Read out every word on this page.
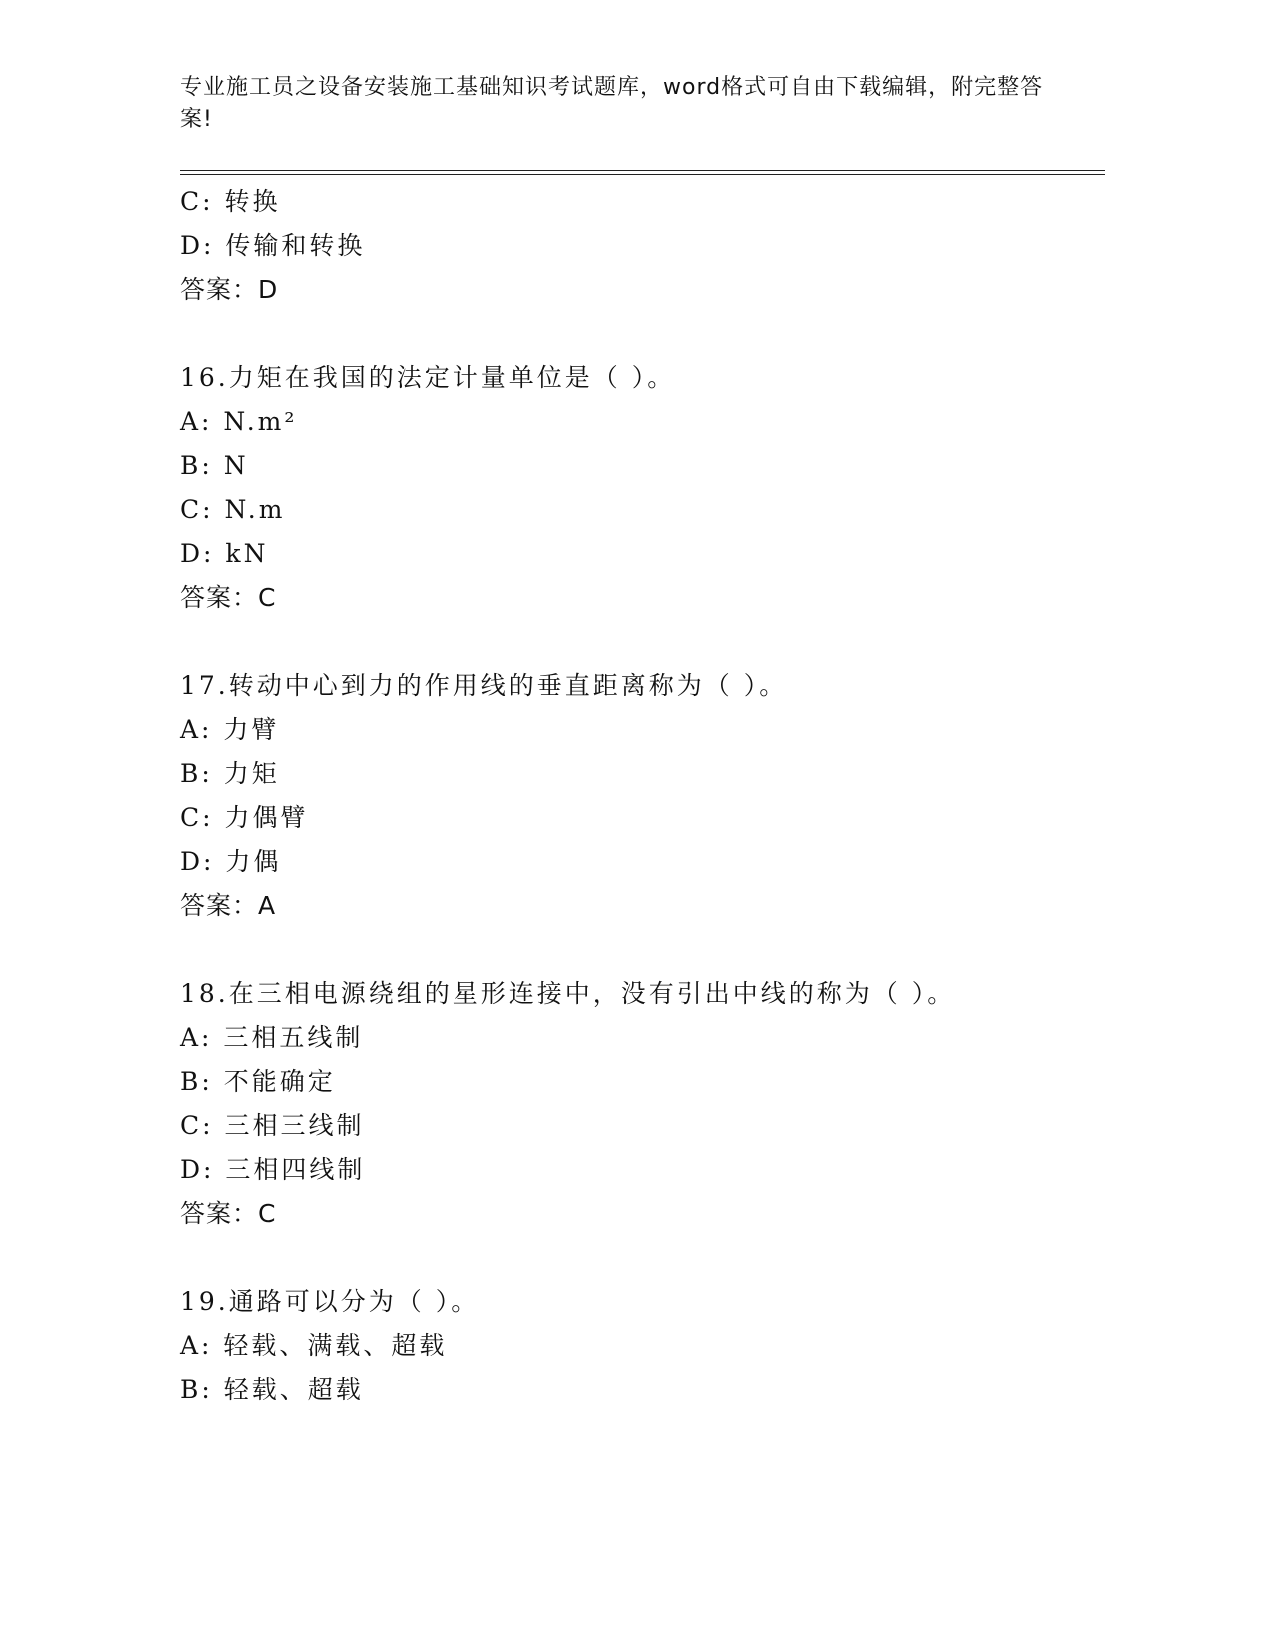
专业施工员之设备安装施工基础知识考试题库，word格式可自由下载编辑，附完整答案!
C: 转换
D: 传输和转换
答案：D
16.力矩在我国的法定计量单位是（ ）。
A: N.m²
B: N
C: N.m
D: kN
答案：C
17.转动中心到力的作用线的垂直距离称为（ ）。
A: 力臂
B: 力矩
C: 力偶臂
D: 力偶
答案：A
18.在三相电源绕组的星形连接中，没有引出中线的称为（ ）。
A: 三相五线制
B: 不能确定
C: 三相三线制
D: 三相四线制
答案：C
19.通路可以分为（ ）。
A: 轻载、满载、超载
B: 轻载、超载
